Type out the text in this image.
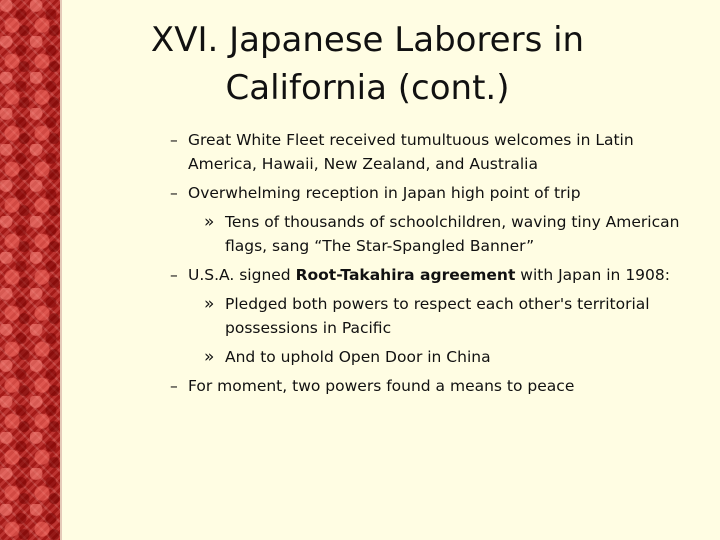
XVI. Japanese Laborers in California (cont.)
– Great White Fleet received tumultuous welcomes in Latin America, Hawaii, New Zealand, and Australia
– Overwhelming reception in Japan high point of trip
» Tens of thousands of schoolchildren, waving tiny American flags, sang “The Star-Spangled Banner”
– U.S.A. signed Root-Takahira agreement with Japan in 1908:
» Pledged both powers to respect each other's territorial possessions in Pacific
» And to uphold Open Door in China
– For moment, two powers found a means to peace
